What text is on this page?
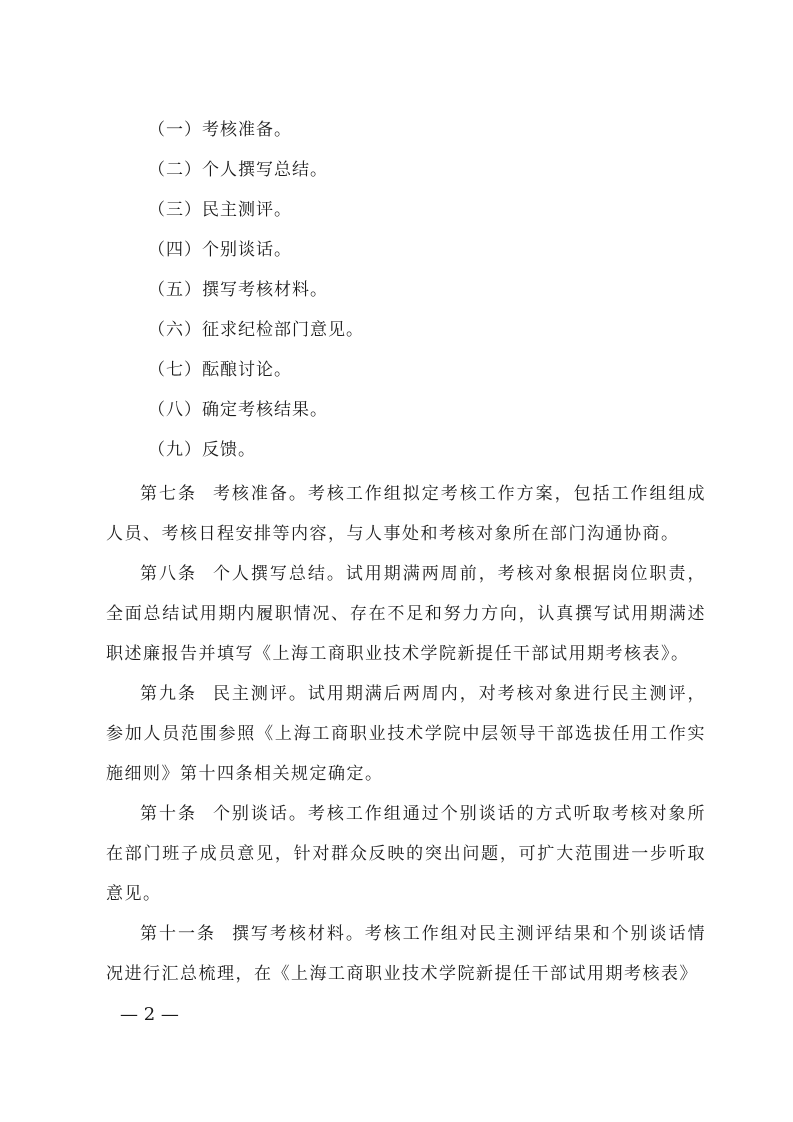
（一）考核准备。
（二）个人撰写总结。
（三）民主测评。
（四）个别谈话。
（五）撰写考核材料。
（六）征求纪检部门意见。
（七）酝酿讨论。
（八）确定考核结果。
（九）反馈。

第七条 考核准备。考核工作组拟定考核工作方案，包括工作组组成人员、考核日程安排等内容，与人事处和考核对象所在部门沟通协商。

第八条 个人撰写总结。试用期满两周前，考核对象根据岗位职责，全面总结试用期内履职情况、存在不足和努力方向，认真撰写试用期满述职述廉报告并填写《上海工商职业技术学院新提任干部试用期考核表》。

第九条 民主测评。试用期满后两周内，对考核对象进行民主测评，参加人员范围参照《上海工商职业技术学院中层领导干部选拔任用工作实施细则》第十四条相关规定确定。

第十条 个别谈话。考核工作组通过个别谈话的方式听取考核对象所在部门班子成员意见，针对群众反映的突出问题，可扩大范围进一步听取意见。

第十一条 撰写考核材料。考核工作组对民主测评结果和个别谈话情况进行汇总梳理，在《上海工商职业技术学院新提任干部试用期考核表》

— 2 —
